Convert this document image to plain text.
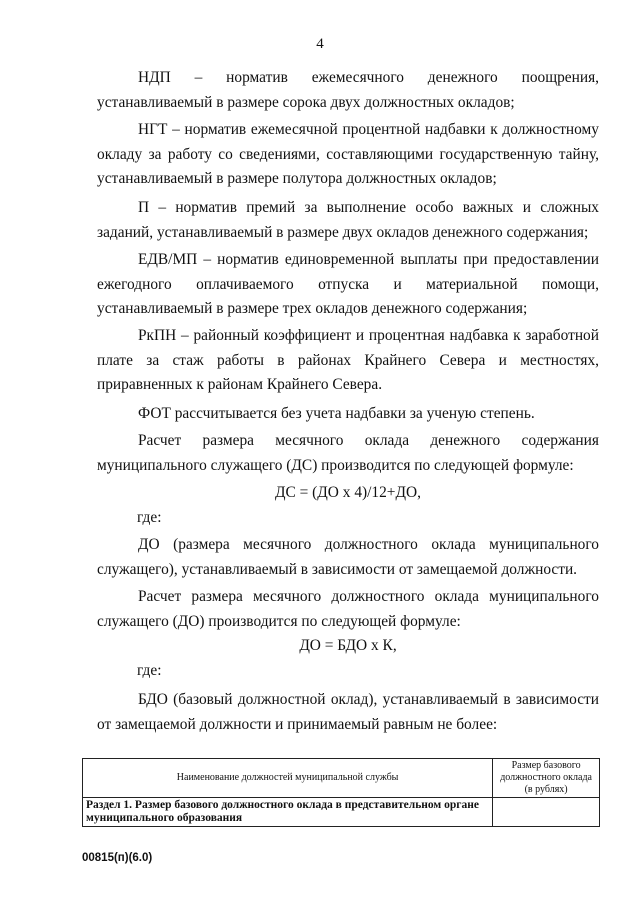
4

НДП – норматив ежемесячного денежного поощрения, устанавливаемый в размере сорока двух должностных окладов;

НГТ – норматив ежемесячной процентной надбавки к должностному окладу за работу со сведениями, составляющими государственную тайну, устанавливаемый в размере полутора должностных окладов;

П – норматив премий за выполнение особо важных и сложных заданий, устанавливаемый в размере двух окладов денежного содержания;

ЕДВ/МП – норматив единовременной выплаты при предоставлении ежегодного оплачиваемого отпуска и материальной помощи, устанавливаемый в размере трех окладов денежного содержания;

РкПН – районный коэффициент и процентная надбавка к заработной плате за стаж работы в районах Крайнего Севера и местностях, приравненных к районам Крайнего Севера.

ФОТ рассчитывается без учета надбавки за ученую степень.

Расчет размера месячного оклада денежного содержания муниципального служащего (ДС) производится по следующей формуле:

ДС = (ДО х 4)/12+ДО,

где:

ДО (размера месячного должностного оклада муниципального служащего), устанавливаемый в зависимости от замещаемой должности.

Расчет размера месячного должностного оклада муниципального служащего (ДО) производится по следующей формуле:

ДО = БДО х К,

где:

БДО (базовый должностной оклад), устанавливаемый в зависимости от замещаемой должности и принимаемый равным не более:

Наименование должностей муниципальной службы	Размер базового должностного оклада (в рублях)
Раздел 1. Размер базового должностного оклада в представительном органе муниципального образования	
00815(п)(6.0)
